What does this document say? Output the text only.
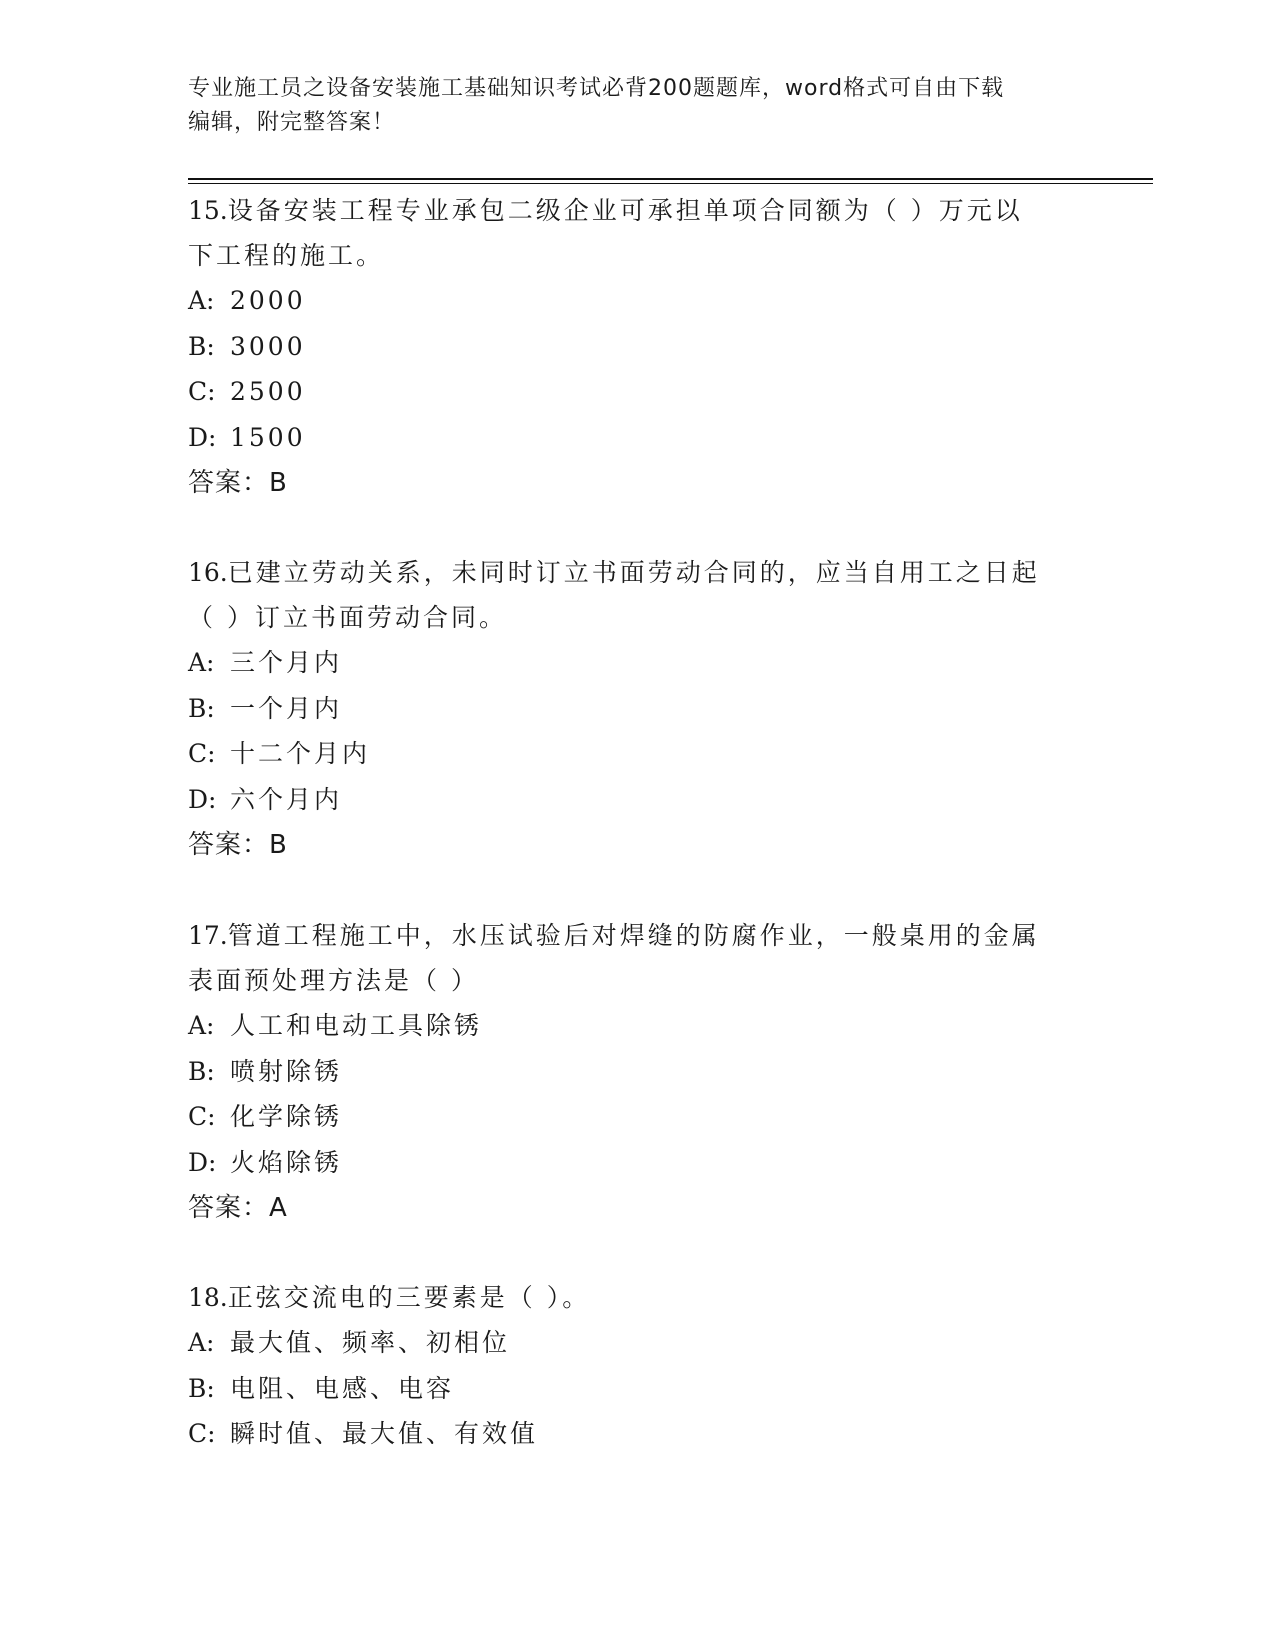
专业施工员之设备安装施工基础知识考试必背200题题库，word格式可自由下载
编辑，附完整答案！

15.设备安装工程专业承包二级企业可承担单项合同额为（ ）万元以

下工程的施工。

A: 2000

B: 3000

C: 2500

D: 1500

答案：B

16.已建立劳动关系，未同时订立书面劳动合同的，应当自用工之日起

（ ）订立书面劳动合同。

A: 三个月内

B: 一个月内

C: 十二个月内

D: 六个月内

答案：B

17.管道工程施工中，水压试验后对焊缝的防腐作业，一般桌用的金属

表面预处理方法是（ ）

A: 人工和电动工具除锈

B: 喷射除锈

C: 化学除锈

D: 火焰除锈

答案：A

18.正弦交流电的三要素是（ ）。

A: 最大值、频率、初相位

B: 电阻、电感、电容

C: 瞬时值、最大值、有效值
